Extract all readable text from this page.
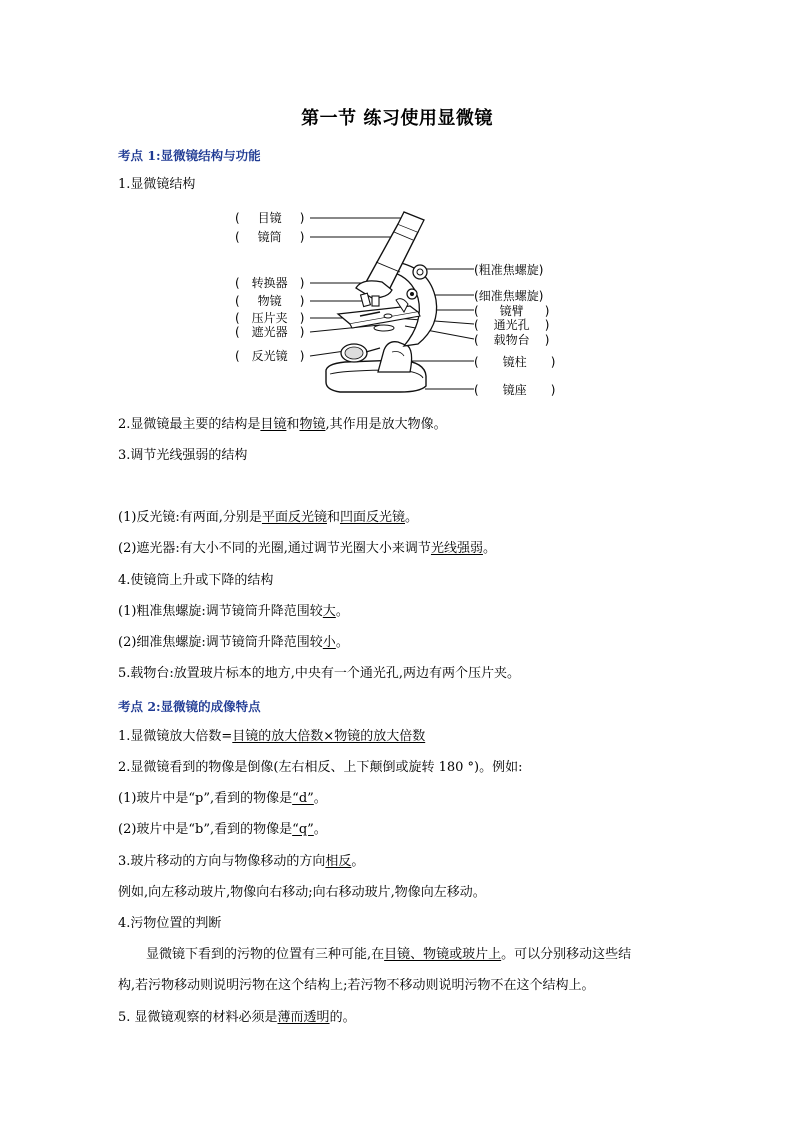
第一节 练习使用显微镜
考点 1:显微镜结构与功能
1.显微镜结构
( 目镜 )
( 镜筒 )
( 转换器 )
( 物镜 )
( 压片夹 )
( 遮光器 )
( 反光镜 )
(粗准焦螺旋)
(细准焦螺旋)
( 镜臂 )
( 通光孔 )
( 载物台 )
( 镜柱 )
( 镜座 )
2.显微镜最主要的结构是目镜和物镜,其作用是放大物像。
3.调节光线强弱的结构
(1)反光镜:有两面,分别是平面反光镜和凹面反光镜。
(2)遮光器:有大小不同的光圈,通过调节光圈大小来调节光线强弱。
4.使镜筒上升或下降的结构
(1)粗准焦螺旋:调节镜筒升降范围较大。
(2)细准焦螺旋:调节镜筒升降范围较小。
5.载物台:放置玻片标本的地方,中央有一个通光孔,两边有两个压片夹。
考点 2:显微镜的成像特点
1.显微镜放大倍数=目镜的放大倍数×物镜的放大倍数
2.显微镜看到的物像是倒像(左右相反、上下颠倒或旋转 180 °)。例如:
(1)玻片中是“p”,看到的物像是“d”。
(2)玻片中是“b”,看到的物像是“q”。
3.玻片移动的方向与物像移动的方向相反。
例如,向左移动玻片,物像向右移动;向右移动玻片,物像向左移动。
4.污物位置的判断
显微镜下看到的污物的位置有三种可能,在目镜、物镜或玻片上。可以分别移动这些结
构,若污物移动则说明污物在这个结构上;若污物不移动则说明污物不在这个结构上。
5. 显微镜观察的材料必须是薄而透明的。
